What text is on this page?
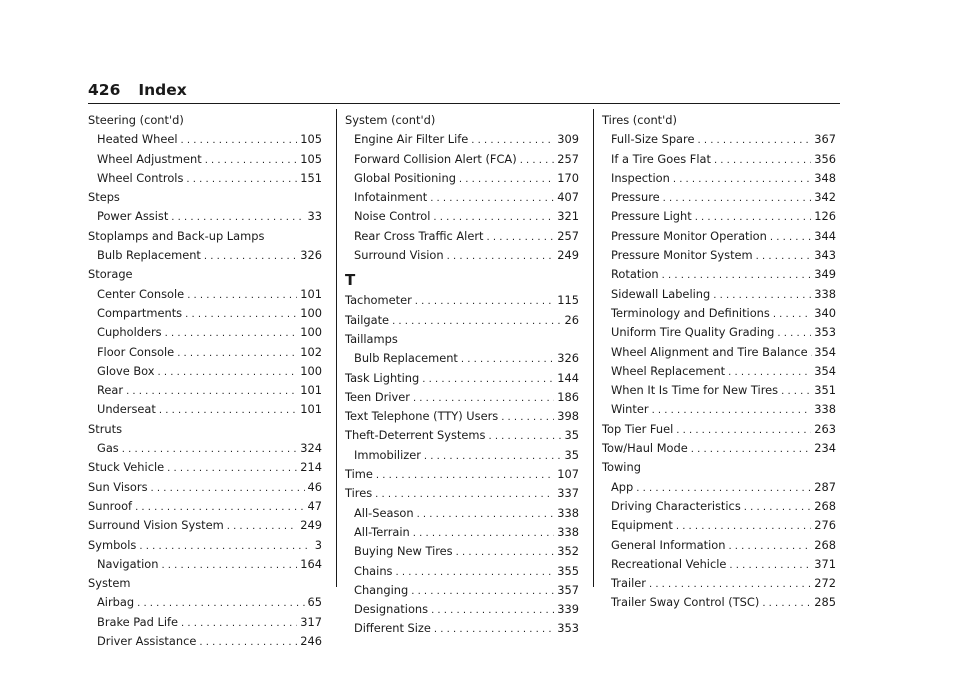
426 Index
Steering (cont'd)
Heated Wheel . . .	105
Wheel Adjustment . . .	105
Wheel Controls . . .	151
Steps
Power Assist . . .	33
Stoplamps and Back-up Lamps
Bulb Replacement . . .	326
Storage
Center Console . . .	101
Compartments . . .	100
Cupholders . . .	100
Floor Console . . .	102
Glove Box . . .	100
Rear . . .	101
Underseat . . .	101
Struts
Gas . . .	324
Stuck Vehicle . . .	214
Sun Visors . . .	46
Sunroof . . .	47
Surround Vision System . . .	249
Symbols . . .	3
Navigation . . .	164
System
Airbag . . .	65
Brake Pad Life . . .	317
Driver Assistance . . .	246
System (cont'd)
Engine Air Filter Life . . .	309
Forward Collision Alert (FCA) . . .	257
Global Positioning . . .	170
Infotainment . . .	407
Noise Control . . .	321
Rear Cross Traffic Alert . . .	257
Surround Vision . . .	249
T
Tachometer . . .	115
Tailgate . . .	26
Taillamps
Bulb Replacement . . .	326
Task Lighting . . .	144
Teen Driver . . .	186
Text Telephone (TTY) Users . . .	398
Theft-Deterrent Systems . . .	35
Immobilizer . . .	35
Time . . .	107
Tires . . .	337
All-Season . . .	338
All-Terrain . . .	338
Buying New Tires . . .	352
Chains . . .	355
Changing . . .	357
Designations . . .	339
Different Size . . .	353
Tires (cont'd)
Full-Size Spare . . .	367
If a Tire Goes Flat . . .	356
Inspection . . .	348
Pressure . . .	342
Pressure Light . . .	126
Pressure Monitor Operation . . .	344
Pressure Monitor System . . .	343
Rotation . . .	349
Sidewall Labeling . . .	338
Terminology and Definitions . . .	340
Uniform Tire Quality Grading . . .	353
Wheel Alignment and Tire Balance . . . 354
Wheel Replacement . . .	354
When It Is Time for New Tires . . .	351
Winter . . .	338
Top Tier Fuel . . .	263
Tow/Haul Mode . . .	234
Towing
App . . .	287
Driving Characteristics . . .	268
Equipment . . .	276
General Information . . .	268
Recreational Vehicle . . .	371
Trailer . . .	272
Trailer Sway Control (TSC) . . .	285
